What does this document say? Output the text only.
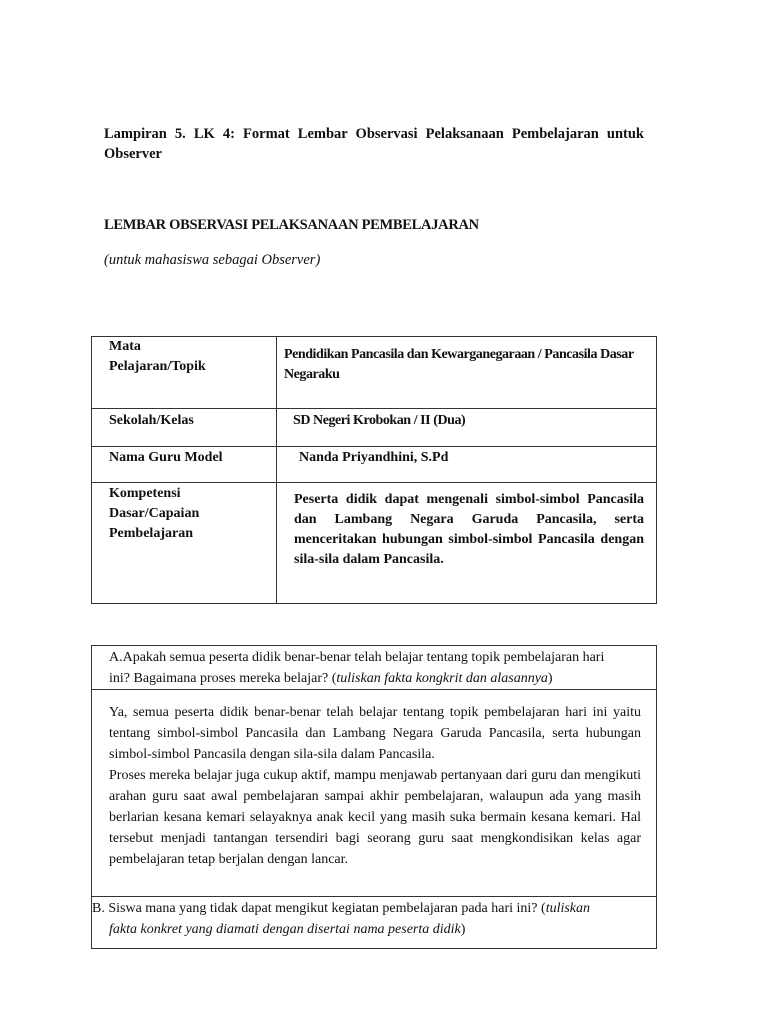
Lampiran 5. LK 4: Format Lembar Observasi Pelaksanaan Pembelajaran untuk Observer
LEMBAR OBSERVASI PELAKSANAAN PEMBELAJARAN
(untuk mahasiswa sebagai Observer)
Mata
Pelajaran/Topik	Pendidikan Pancasila dan Kewarganegaraan / Pancasila Dasar Negaraku

Sekolah/Kelas	SD Negeri Krobokan / II (Dua)

Nama Guru Model	Nanda Priyandhini, S.Pd

Kompetensi
Dasar/Capaian
Pembelajaran	Peserta didik dapat mengenali simbol-simbol Pancasila dan Lambang Negara Garuda Pancasila, serta menceritakan hubungan simbol-simbol Pancasila dengan sila-sila dalam Pancasila.
A.Apakah semua peserta didik benar-benar telah belajar tentang topik pembelajaran hari
ini? Bagaimana proses mereka belajar? (tuliskan fakta kongkrit dan alasannya)

Ya, semua peserta didik benar-benar telah belajar tentang topik pembelajaran hari ini yaitu tentang simbol-simbol Pancasila dan Lambang Negara Garuda Pancasila, serta hubungan simbol-simbol Pancasila dengan sila-sila dalam Pancasila.

Proses mereka belajar juga cukup aktif, mampu menjawab pertanyaan dari guru dan mengikuti arahan guru saat awal pembelajaran sampai akhir pembelajaran, walaupun ada yang masih berlarian kesana kemari selayaknya anak kecil yang masih suka bermain kesana kemari. Hal tersebut menjadi tantangan tersendiri bagi seorang guru saat mengkondisikan kelas agar pembelajaran tetap berjalan dengan lancar.

B. Siswa mana yang tidak dapat mengikut kegiatan pembelajaran pada hari ini? (tuliskan
fakta konkret yang diamati dengan disertai nama peserta didik)
